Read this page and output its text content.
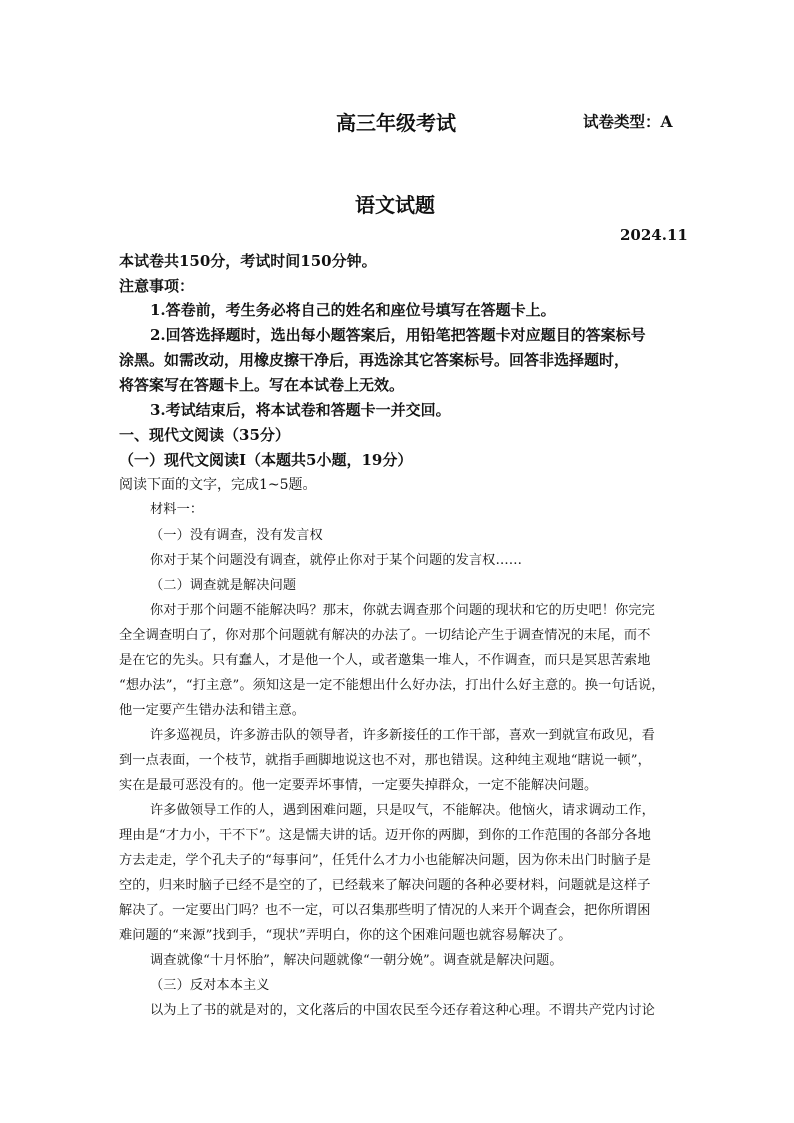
高三年级考试	试卷类型：A
语文试题
2024.11
本试卷共150分，考试时间150分钟。
注意事项：
1.答卷前，考生务必将自己的姓名和座位号填写在答题卡上。
2.回答选择题时，选出每小题答案后，用铅笔把答题卡对应题目的答案标号
涂黑。如需改动，用橡皮擦干净后，再选涂其它答案标号。回答非选择题时，
将答案写在答题卡上。写在本试卷上无效。
3.考试结束后，将本试卷和答题卡一并交回。
一、现代文阅读（35分）
（一）现代文阅读Ⅰ（本题共5小题，19分）
阅读下面的文字，完成1~5题。
材料一：
（一）没有调查，没有发言权
你对于某个问题没有调查，就停止你对于某个问题的发言权……
（二）调查就是解决问题
你对于那个问题不能解决吗？那末，你就去调查那个问题的现状和它的历史吧！你完完
全全调查明白了，你对那个问题就有解决的办法了。一切结论产生于调查情况的末尾，而不
是在它的先头。只有蠢人，才是他一个人，或者邀集一堆人，不作调查，而只是冥思苦索地
“想办法”，“打主意”。须知这是一定不能想出什么好办法，打出什么好主意的。换一句话说，
他一定要产生错办法和错主意。
许多巡视员，许多游击队的领导者，许多新接任的工作干部，喜欢一到就宣布政见，看
到一点表面，一个枝节，就指手画脚地说这也不对，那也错误。这种纯主观地“瞎说一顿”，
实在是最可恶没有的。他一定要弄坏事情，一定要失掉群众，一定不能解决问题。
许多做领导工作的人，遇到困难问题，只是叹气，不能解决。他恼火，请求调动工作，
理由是“才力小，干不下”。这是懦夫讲的话。迈开你的两脚，到你的工作范围的各部分各地
方去走走，学个孔夫子的“每事问”，任凭什么才力小也能解决问题，因为你未出门时脑子是
空的，归来时脑子已经不是空的了，已经载来了解决问题的各种必要材料，问题就是这样子
解决了。一定要出门吗？也不一定，可以召集那些明了情况的人来开个调查会，把你所谓困
难问题的“来源”找到手，“现状”弄明白，你的这个困难问题也就容易解决了。
调查就像“十月怀胎”，解决问题就像“一朝分娩”。调查就是解决问题。
（三）反对本本主义
以为上了书的就是对的，文化落后的中国农民至今还存着这种心理。不谓共产党内讨论
